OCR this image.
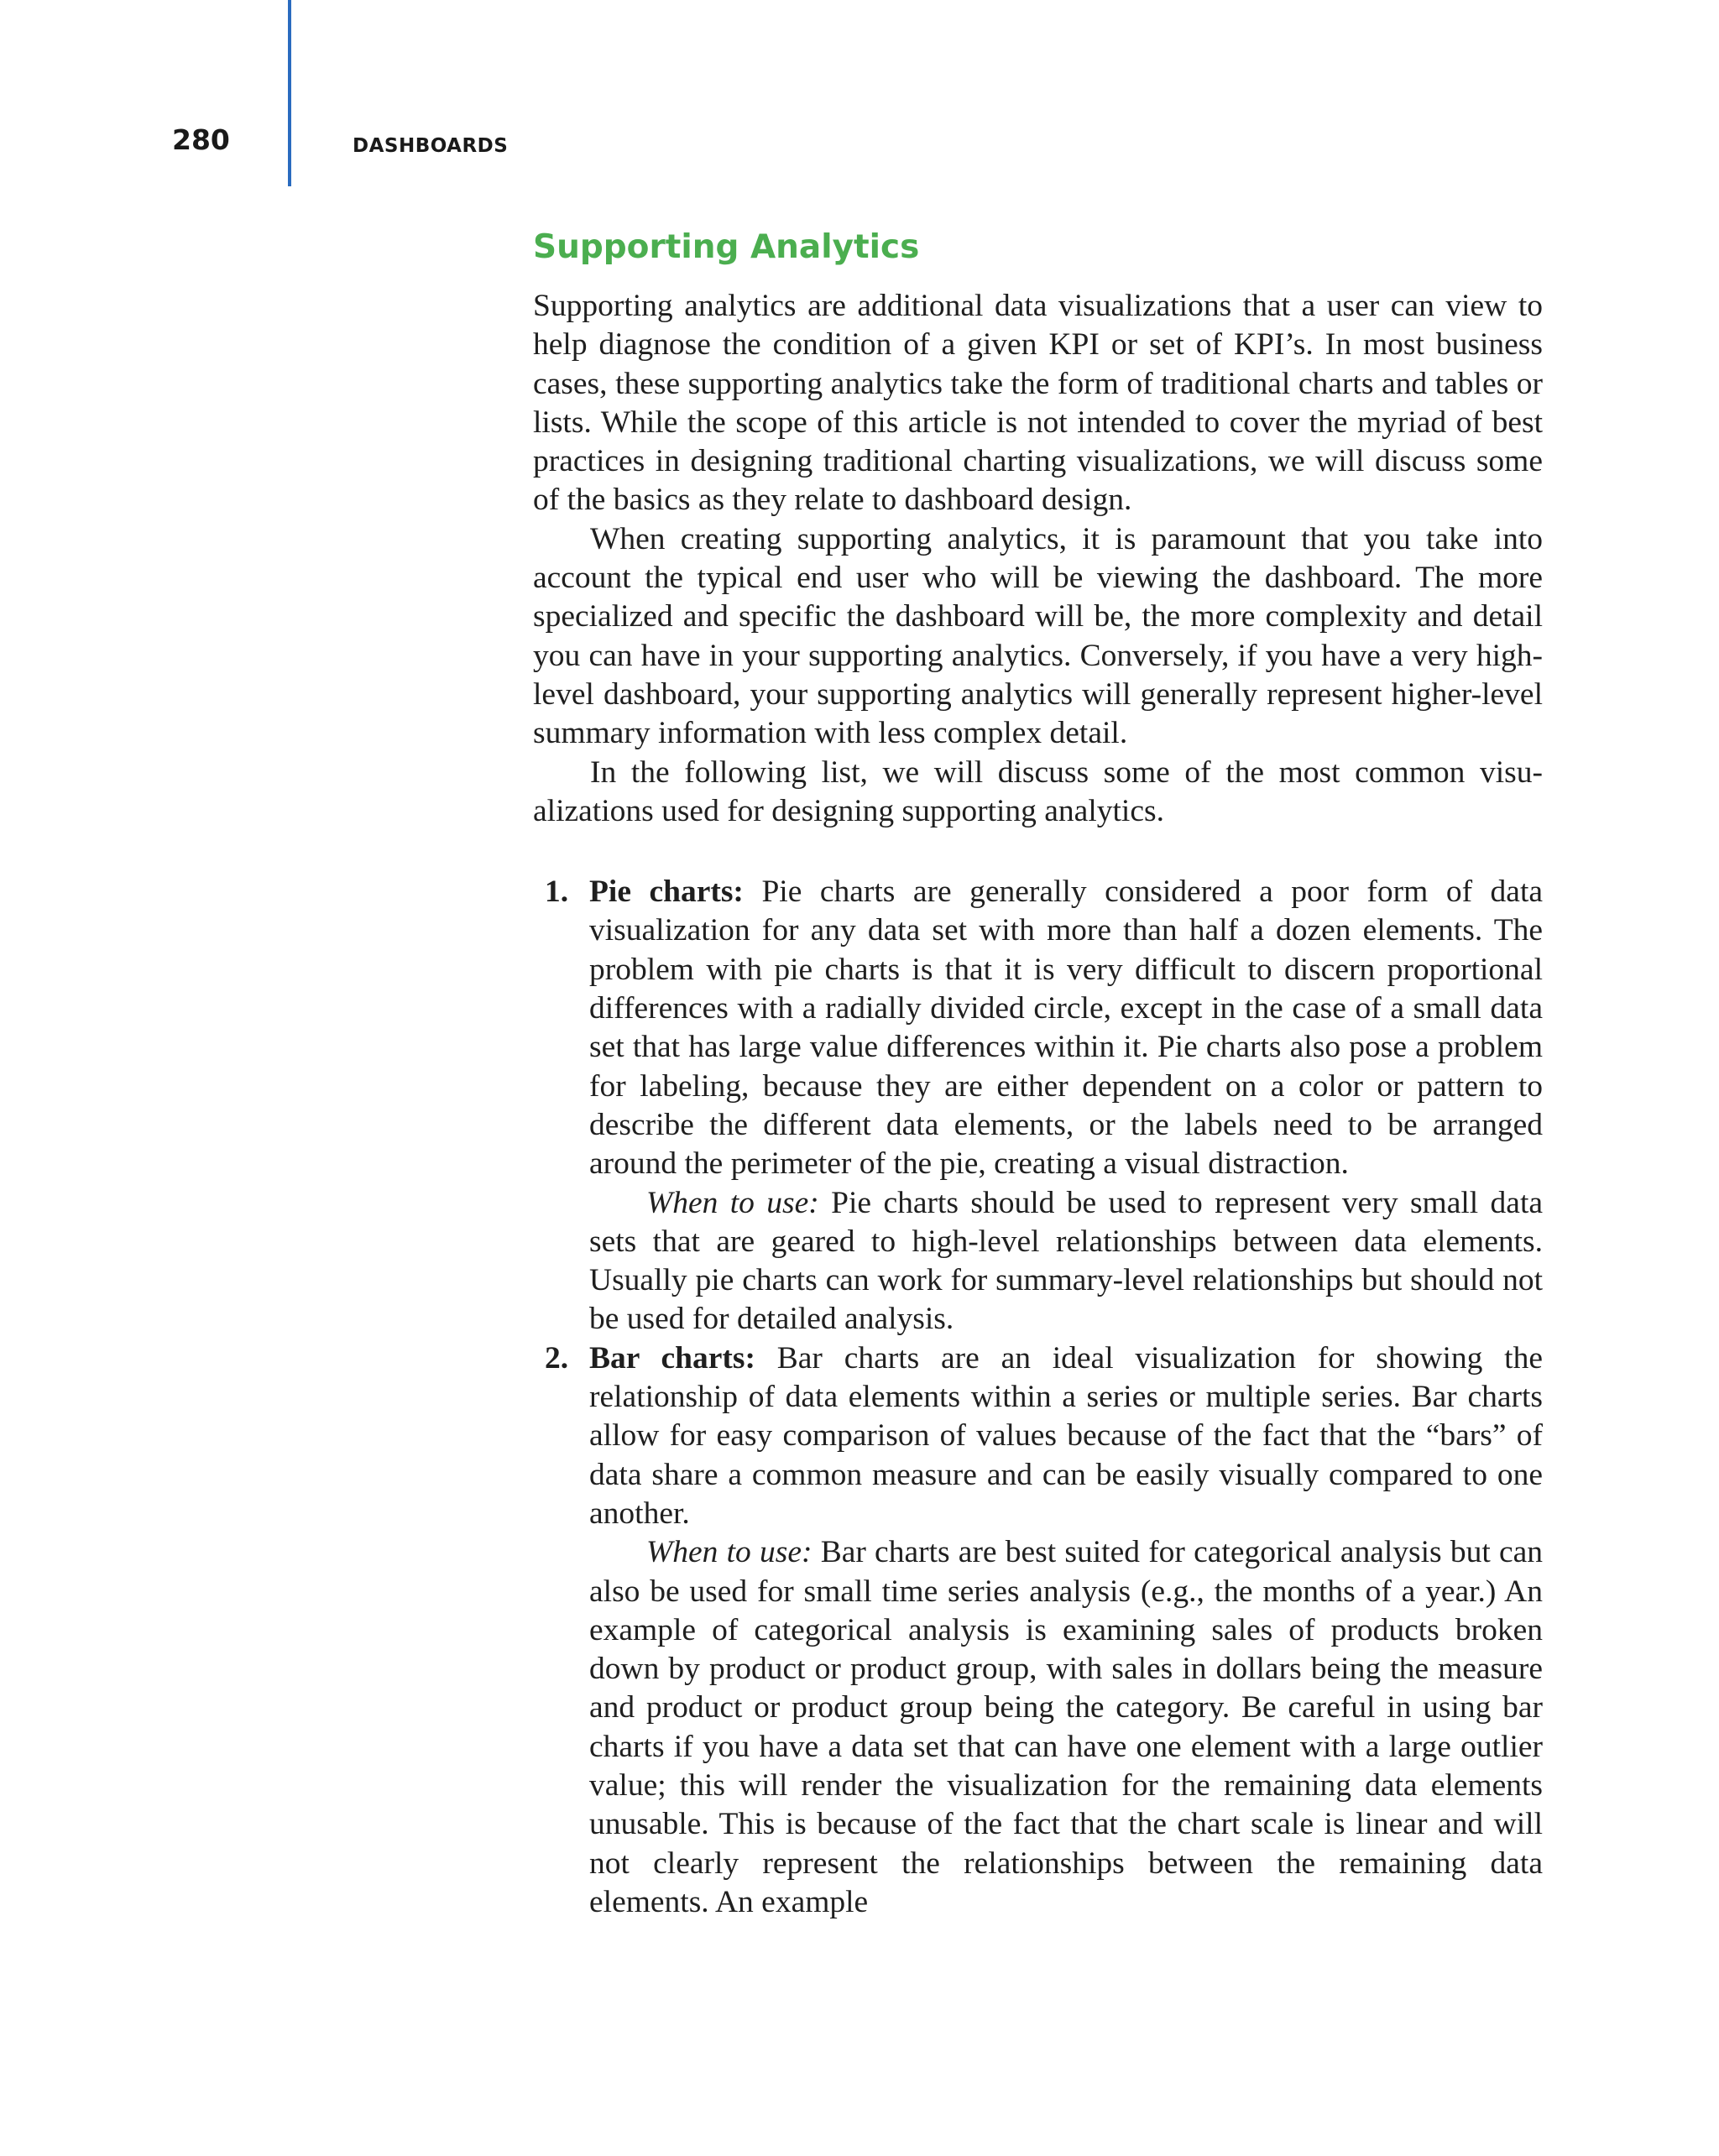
280	DASHBOARDS
Supporting Analytics

Supporting analytics are additional data visualizations that a user can view to help diagnose the condition of a given KPI or set of KPI’s. In most business cases, these supporting analytics take the form of traditional charts and tables or lists. While the scope of this article is not intended to cover the myriad of best practices in designing traditional charting visualizations, we will discuss some of the basics as they relate to dashboard design.

When creating supporting analytics, it is paramount that you take into account the typical end user who will be viewing the dashboard. The more specialized and specific the dashboard will be, the more complexity and detail you can have in your supporting analytics. Conversely, if you have a very high-level dashboard, your supporting analytics will generally represent higher-level summary information with less complex detail.

In the following list, we will discuss some of the most common visualizations used for designing supporting analytics.

1. Pie charts: Pie charts are generally considered a poor form of data visualization for any data set with more than half a dozen elements. The problem with pie charts is that it is very difficult to discern proportional differences with a radially divided circle, except in the case of a small data set that has large value differences within it. Pie charts also pose a problem for labeling, because they are either dependent on a color or pattern to describe the different data elements, or the labels need to be arranged around the perimeter of the pie, creating a visual distraction.

When to use: Pie charts should be used to represent very small data sets that are geared to high-level relationships between data elements. Usually pie charts can work for summary-level relationships but should not be used for detailed analysis.

2. Bar charts: Bar charts are an ideal visualization for showing the relationship of data elements within a series or multiple series. Bar charts allow for easy comparison of values because of the fact that the “bars” of data share a common measure and can be easily visually compared to one another.

When to use: Bar charts are best suited for categorical analysis but can also be used for small time series analysis (e.g., the months of a year.) An example of categorical analysis is examining sales of products broken down by product or product group, with sales in dollars being the measure and product or product group being the category. Be careful in using bar charts if you have a data set that can have one element with a large outlier value; this will render the visualization for the remaining data elements unusable. This is because of the fact that the chart scale is linear and will not clearly represent the relationships between the remaining data elements. An example
